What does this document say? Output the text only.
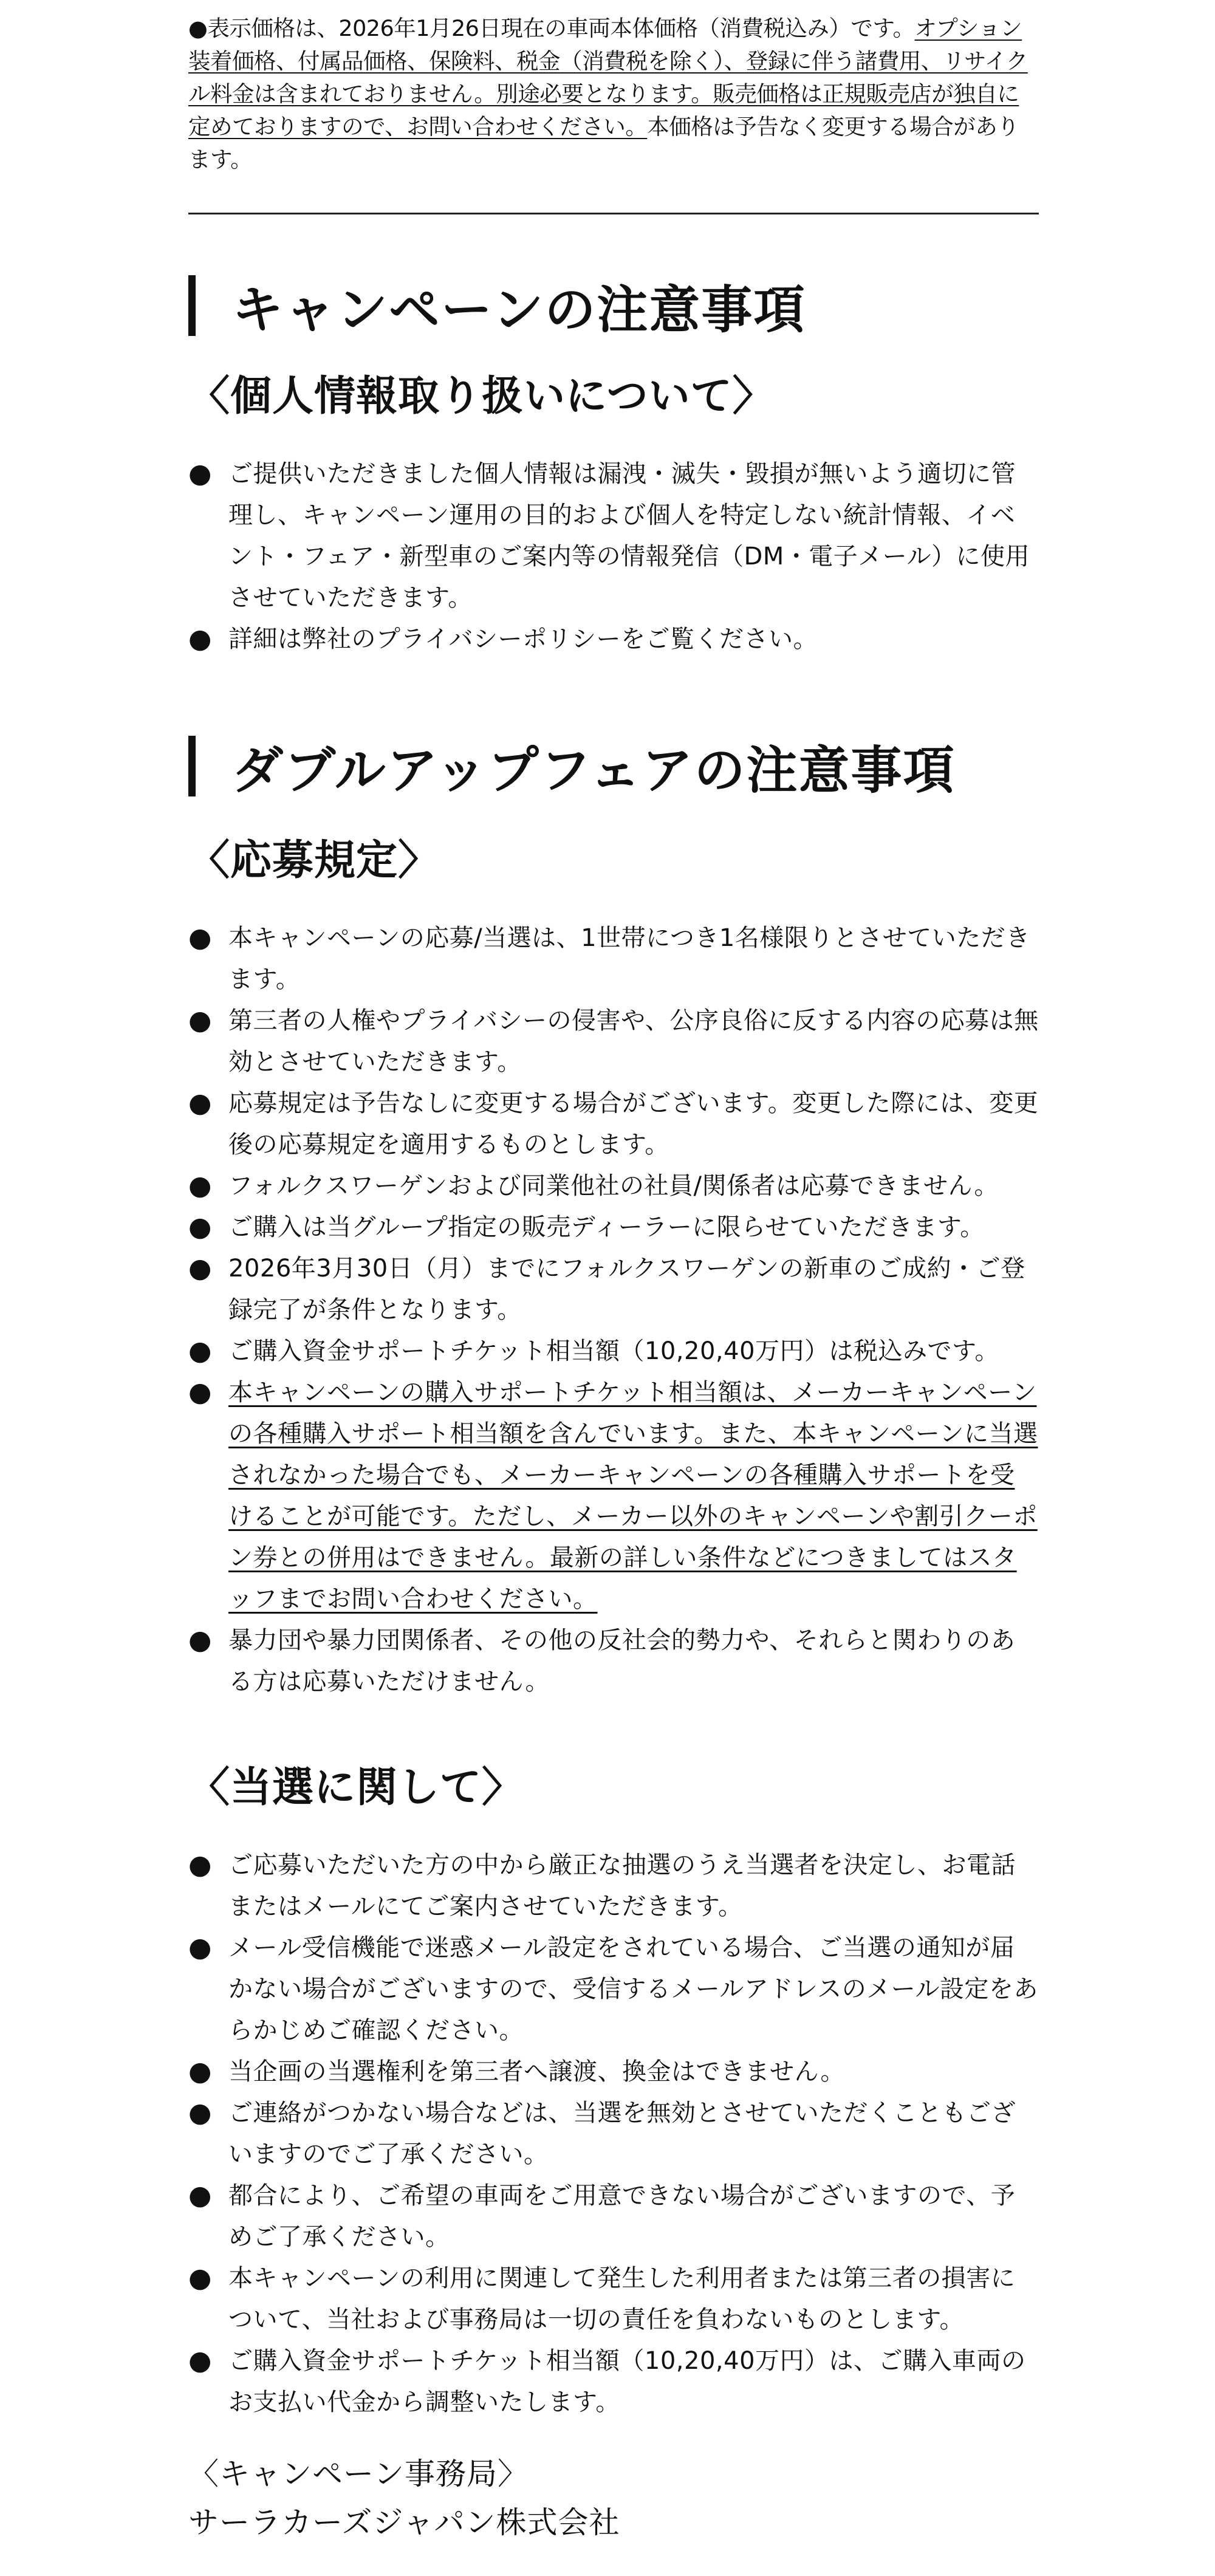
●表示価格は、2026年1月26日現在の車両本体価格（消費税込み）です。オプション装着価格、付属品価格、保険料、税金（消費税を除く）、登録に伴う諸費用、リサイクル料金は含まれておりません。別途必要となります。販売価格は正規販売店が独自に定めておりますので、お問い合わせください。本価格は予告なく変更する場合があります。

キャンペーンの注意事項
〈個人情報取り扱いについて〉
● ご提供いただきました個人情報は漏洩・滅失・毀損が無いよう適切に管理し、キャンペーン運用の目的および個人を特定しない統計情報、イベント・フェア・新型車のご案内等の情報発信（DM・電子メール）に使用させていただきます。
● 詳細は弊社のプライバシーポリシーをご覧ください。
ダブルアップフェアの注意事項
〈応募規定〉
● 本キャンペーンの応募/当選は、1世帯につき1名様限りとさせていただきます。
● 第三者の人権やプライバシーの侵害や、公序良俗に反する内容の応募は無効とさせていただきます。
● 応募規定は予告なしに変更する場合がございます。変更した際には、変更後の応募規定を適用するものとします。
● フォルクスワーゲンおよび同業他社の社員/関係者は応募できません。
● ご購入は当グループ指定の販売ディーラーに限らせていただきます。
● 2026年3月30日（月）までにフォルクスワーゲンの新車のご成約・ご登録完了が条件となります。
● ご購入資金サポートチケット相当額（10,20,40万円）は税込みです。
● 本キャンペーンの購入サポートチケット相当額は、メーカーキャンペーンの各種購入サポート相当額を含んでいます。また、本キャンペーンに当選されなかった場合でも、メーカーキャンペーンの各種購入サポートを受けることが可能です。ただし、メーカー以外のキャンペーンや割引クーポン券との併用はできません。最新の詳しい条件などにつきましてはスタッフまでお問い合わせください。
● 暴力団や暴力団関係者、その他の反社会的勢力や、それらと関わりのある方は応募いただけません。
〈当選に関して〉
● ご応募いただいた方の中から厳正な抽選のうえ当選者を決定し、お電話またはメールにてご案内させていただきます。
● メール受信機能で迷惑メール設定をされている場合、ご当選の通知が届かない場合がございますので、受信するメールアドレスのメール設定をあらかじめご確認ください。
● 当企画の当選権利を第三者へ譲渡、換金はできません。
● ご連絡がつかない場合などは、当選を無効とさせていただくこともございますのでご了承ください。
● 都合により、ご希望の車両をご用意できない場合がございますので、予めご了承ください。
● 本キャンペーンの利用に関連して発生した利用者または第三者の損害について、当社および事務局は一切の責任を負わないものとします。
● ご購入資金サポートチケット相当額（10,20,40万円）は、ご購入車両のお支払い代金から調整いたします。
〈キャンペーン事務局〉
サーラカーズジャパン株式会社
